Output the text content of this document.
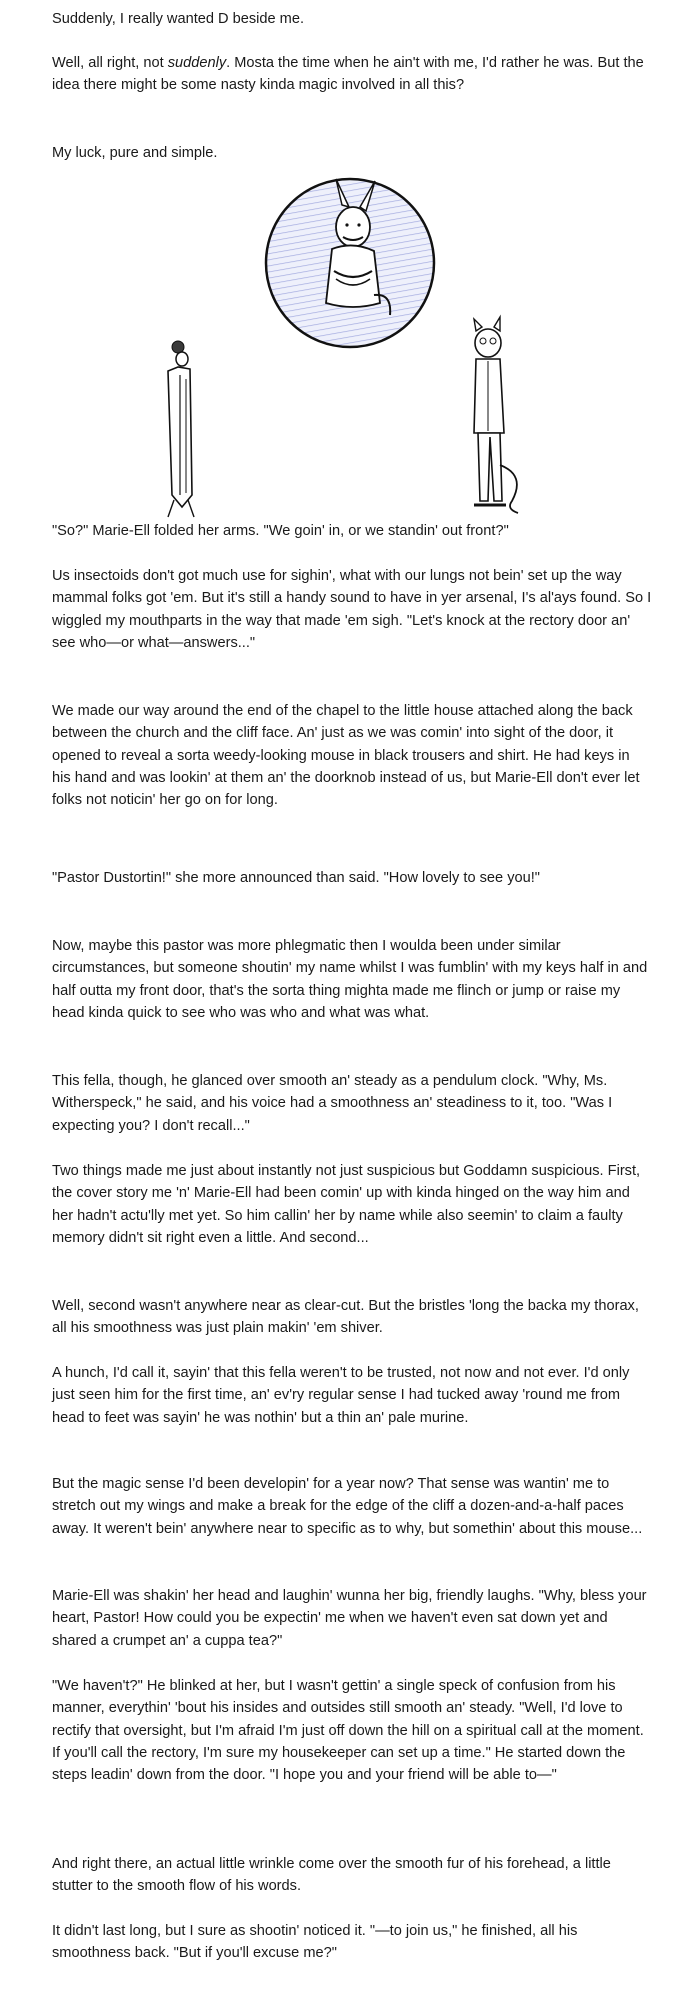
Suddenly, I really wanted D beside me.

Well, all right, not suddenly. Mosta the time when he ain't with me, I'd rather he was. But the idea there might be some nasty kinda magic involved in all this?

My luck, pure and simple.

"So?" Marie-Ell folded her arms. "We goin' in, or we standin' out front?"

Us insectoids don't got much use for sighin', what with our lungs not bein' set up the way mammal folks got 'em. But it's still a handy sound to have in yer arsenal, I's al'ays found. So I wiggled my mouthparts in the way that made 'em sigh. "Let's knock at the rectory door an' see who—or what—answers..."

We made our way around the end of the chapel to the little house attached along the back between the church and the cliff face. An' just as we was comin' into sight of the door, it opened to reveal a sorta weedy-looking mouse in black trousers and shirt. He had keys in his hand and was lookin' at them an' the doorknob instead of us, but Marie-Ell don't ever let folks not noticin' her go on for long.

"Pastor Dustortin!" she more announced than said. "How lovely to see you!"

Now, maybe this pastor was more phlegmatic then I woulda been under similar circumstances, but someone shoutin' my name whilst I was fumblin' with my keys half in and half outta my front door, that's the sorta thing mighta made me flinch or jump or raise my head kinda quick to see who was who and what was what.

This fella, though, he glanced over smooth an' steady as a pendulum clock. "Why, Ms. Witherspeck," he said, and his voice had a smoothness an' steadiness to it, too. "Was I expecting you? I don't recall..."

Two things made me just about instantly not just suspicious but Goddamn suspicious. First, the cover story me 'n' Marie-Ell had been comin' up with kinda hinged on the way him and her hadn't actu'lly met yet. So him callin' her by name while also seemin' to claim a faulty memory didn't sit right even a little. And second...

Well, second wasn't anywhere near as clear-cut. But the bristles 'long the backa my thorax, all his smoothness was just plain makin' 'em shiver.

A hunch, I'd call it, sayin' that this fella weren't to be trusted, not now and not ever. I'd only just seen him for the first time, an' ev'ry regular sense I had tucked away 'round me from head to feet was sayin' he was nothin' but a thin an' pale murine.

But the magic sense I'd been developin' for a year now? That sense was wantin' me to stretch out my wings and make a break for the edge of the cliff a dozen-and-a-half paces away. It weren't bein' anywhere near to specific as to why, but somethin' about this mouse...

Marie-Ell was shakin' her head and laughin' wunna her big, friendly laughs. "Why, bless your heart, Pastor! How could you be expectin' me when we haven't even sat down yet and shared a crumpet an' a cuppa tea?"

"We haven't?" He blinked at her, but I wasn't gettin' a single speck of confusion from his manner, everythin' 'bout his insides and outsides still smooth an' steady. "Well, I'd love to rectify that oversight, but I'm afraid I'm just off down the hill on a spiritual call at the moment. If you'll call the rectory, I'm sure my housekeeper can set up a time." He started down the steps leadin' down from the door. "I hope you and your friend will be able to—"

And right there, an actual little wrinkle come over the smooth fur of his forehead, a little stutter to the smooth flow of his words.

It didn't last long, but I sure as shootin' noticed it. "—to join us," he finished, all his smoothness back. "But if you'll excuse me?"
